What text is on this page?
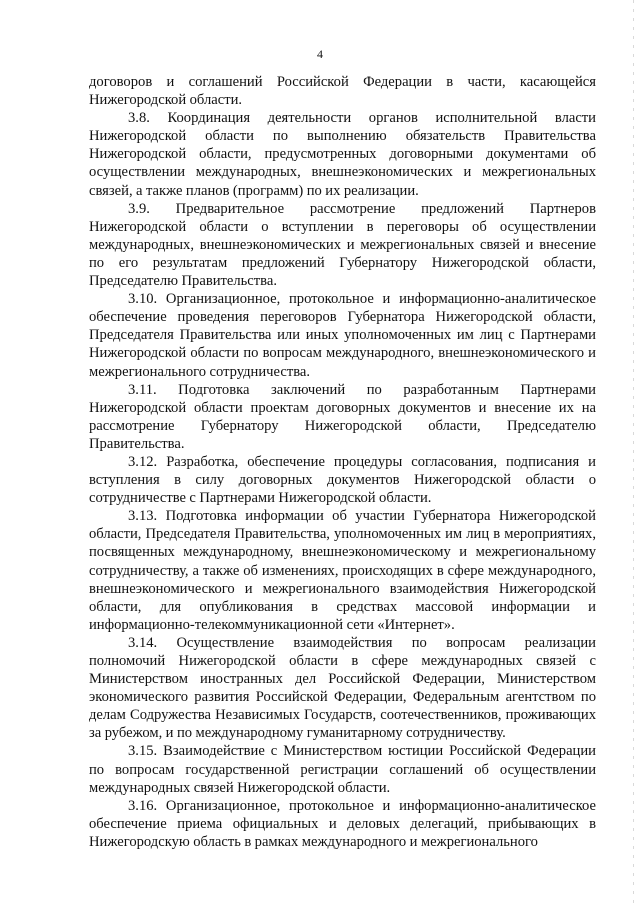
4

договоров и соглашений Российской Федерации в части, касающейся Нижегородской области.

3.8. Координация деятельности органов исполнительной власти Нижегородской области по выполнению обязательств Правительства Нижегородской области, предусмотренных договорными документами об осуществлении международных, внешнеэкономических и межрегиональных связей, а также планов (программ) по их реализации.

3.9. Предварительное рассмотрение предложений Партнеров Нижегородской области о вступлении в переговоры об осуществлении международных, внешнеэкономических и межрегиональных связей и внесение по его результатам предложений Губернатору Нижегородской области, Председателю Правительства.

3.10. Организационное, протокольное и информационно-аналитическое обеспечение проведения переговоров Губернатора Нижегородской области, Председателя Правительства или иных уполномоченных им лиц с Партнерами Нижегородской области по вопросам международного, внешнеэкономического и межрегионального сотрудничества.

3.11. Подготовка заключений по разработанным Партнерами Нижегородской области проектам договорных документов и внесение их на рассмотрение Губернатору Нижегородской области, Председателю Правительства.

3.12. Разработка, обеспечение процедуры согласования, подписания и вступления в силу договорных документов Нижегородской области о сотрудничестве с Партнерами Нижегородской области.

3.13. Подготовка информации об участии Губернатора Нижегородской области, Председателя Правительства, уполномоченных им лиц в мероприятиях, посвященных международному, внешнеэкономическому и межрегиональному сотрудничеству, а также об изменениях, происходящих в сфере международного, внешнеэкономического и межрегионального взаимодействия Нижегородской области, для опубликования в средствах массовой информации и информационно-телекоммуникационной сети «Интернет».

3.14. Осуществление взаимодействия по вопросам реализации полномочий Нижегородской области в сфере международных связей с Министерством иностранных дел Российской Федерации, Министерством экономического развития Российской Федерации, Федеральным агентством по делам Содружества Независимых Государств, соотечественников, проживающих за рубежом, и по международному гуманитарному сотрудничеству.

3.15. Взаимодействие с Министерством юстиции Российской Федерации по вопросам государственной регистрации соглашений об осуществлении международных связей Нижегородской области.

3.16. Организационное, протокольное и информационно-аналитическое обеспечение приема официальных и деловых делегаций, прибывающих в Нижегородскую область в рамках международного и межрегионального
